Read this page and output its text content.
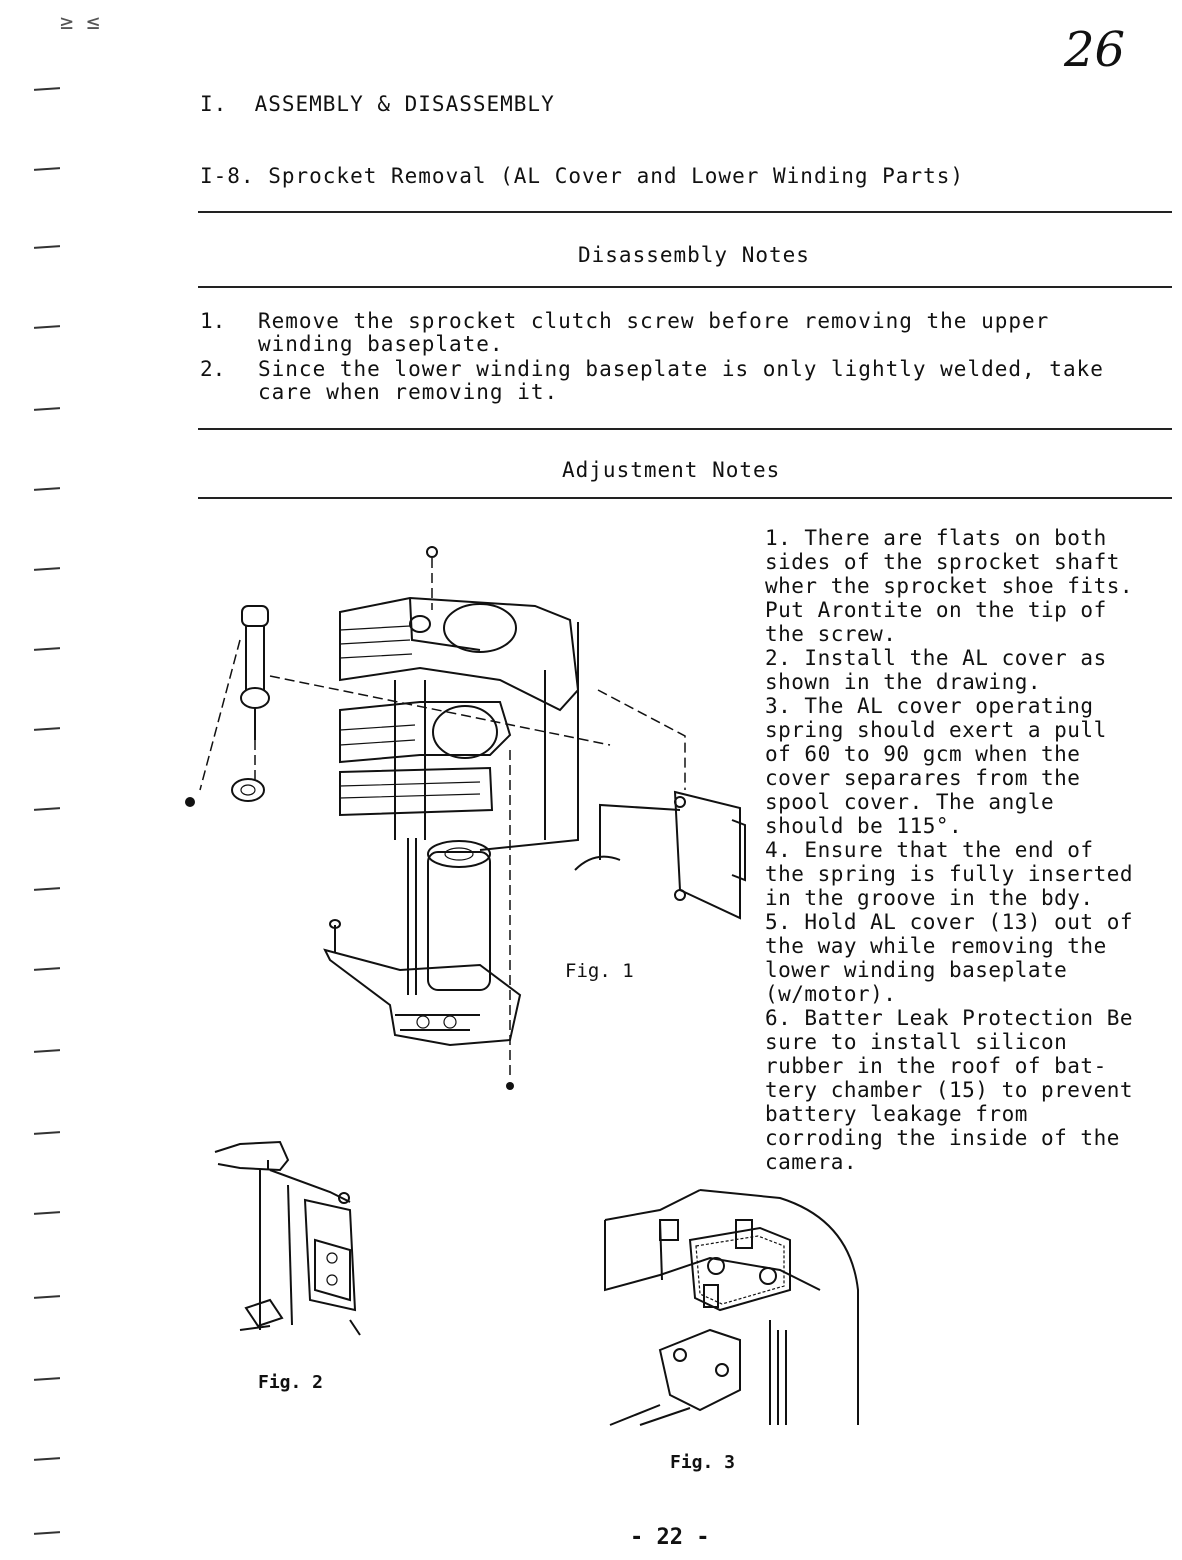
≥ ≤	26
I.  ASSEMBLY & DISASSEMBLY
I-8. Sprocket Removal (AL Cover and Lower Winding Parts)
Disassembly Notes
1.	Remove the sprocket clutch screw before removing the upper
winding baseplate.
2.	Since the lower winding baseplate is only lightly welded, take
care when removing it.
Adjustment Notes
1. There are flats on both
sides of the sprocket shaft
wher the sprocket shoe fits.
Put Arontite on the tip of
the screw.
2. Install the AL cover as
shown in the drawing.
3. The AL cover operating
spring should exert a pull
of 60 to 90 gcm when the
cover separares from the
spool cover. The angle
should be 115°.
4. Ensure that the end of
the spring is fully inserted
in the groove in the bdy.
5. Hold AL cover (13) out of
the way while removing the
lower winding baseplate
(w/motor).
6. Batter Leak Protection Be
sure to install silicon
rubber in the roof of bat-
tery chamber (15) to prevent
battery leakage from
corroding the inside of the
camera.
Fig. 1
Fig. 2
Fig. 3
- 22 -
